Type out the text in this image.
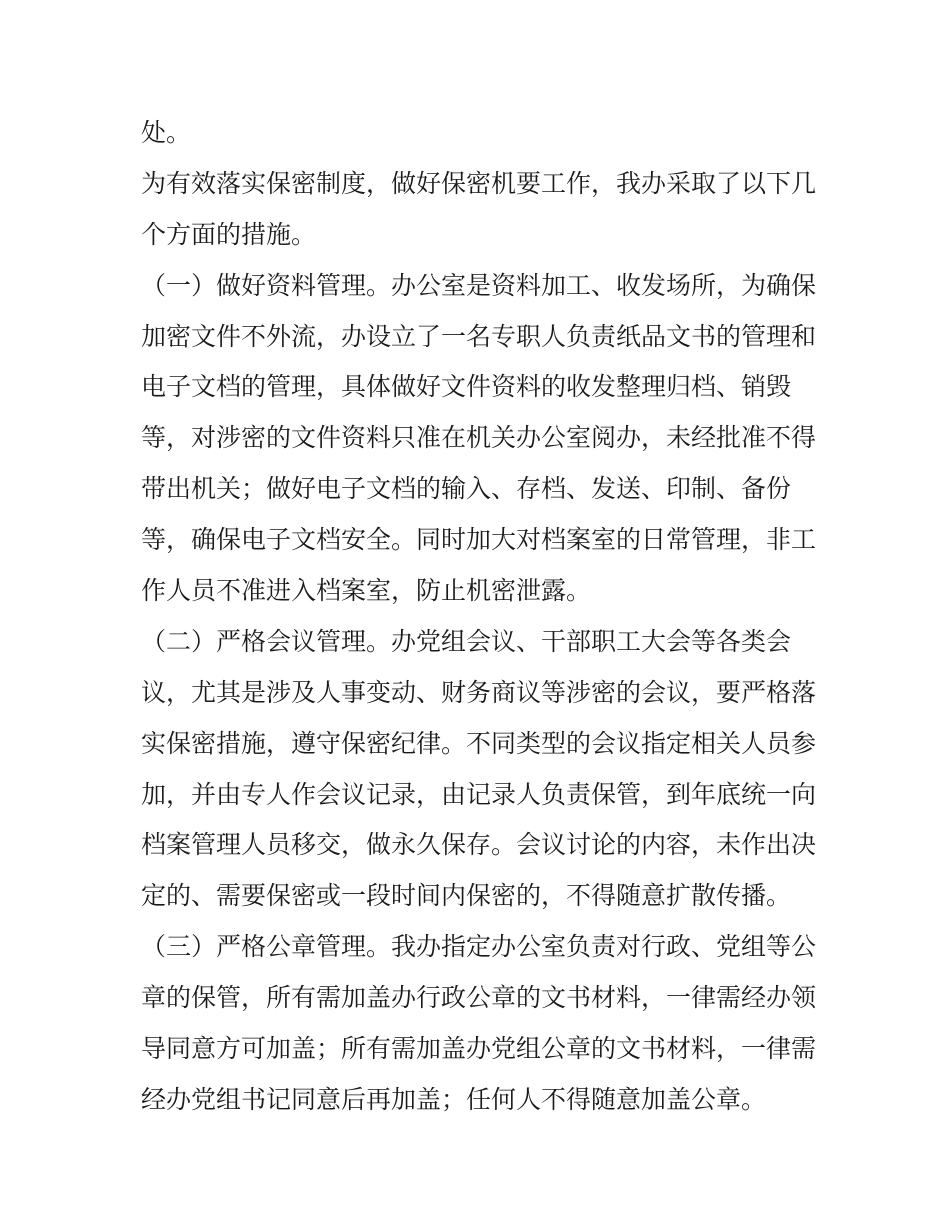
处。
为有效落实保密制度，做好保密机要工作，我办采取了以下几
个方面的措施。
（一）做好资料管理。办公室是资料加工、收发场所，为确保
加密文件不外流，办设立了一名专职人负责纸品文书的管理和
电子文档的管理，具体做好文件资料的收发整理归档、销毁
等，对涉密的文件资料只准在机关办公室阅办，未经批准不得
带出机关；做好电子文档的输入、存档、发送、印制、备份
等，确保电子文档安全。同时加大对档案室的日常管理，非工
作人员不准进入档案室，防止机密泄露。
（二）严格会议管理。办党组会议、干部职工大会等各类会
议，尤其是涉及人事变动、财务商议等涉密的会议，要严格落
实保密措施，遵守保密纪律。不同类型的会议指定相关人员参
加，并由专人作会议记录，由记录人负责保管，到年底统一向
档案管理人员移交，做永久保存。会议讨论的内容，未作出决
定的、需要保密或一段时间内保密的，不得随意扩散传播。
（三）严格公章管理。我办指定办公室负责对行政、党组等公
章的保管，所有需加盖办行政公章的文书材料，一律需经办领
导同意方可加盖；所有需加盖办党组公章的文书材料，一律需
经办党组书记同意后再加盖；任何人不得随意加盖公章。
